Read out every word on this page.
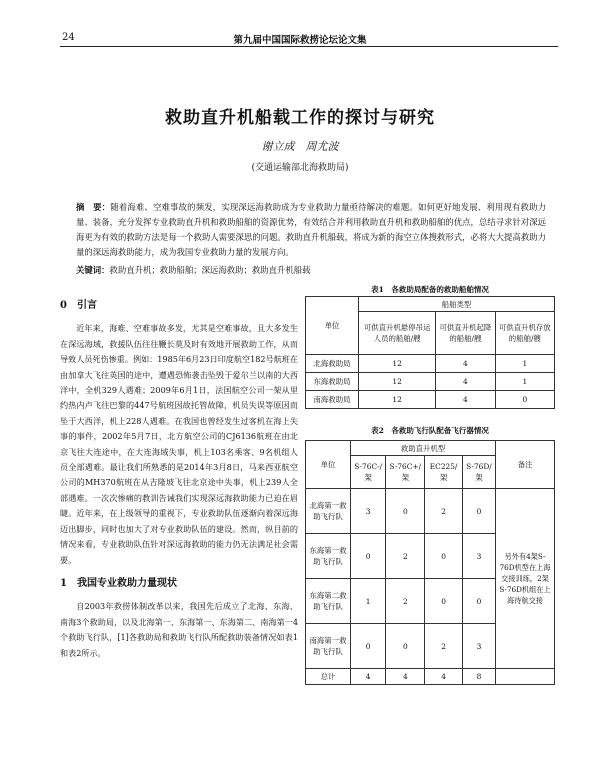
24	第九届中国国际救捞论坛论文集
救助直升机船载工作的探讨与研究
谢立成　周尤波
(交通运输部北海救助局)
摘　要：随着海难、空难事故的频发，实现深远海救助成为专业救助力量亟待解决的难题。如何更好地发展、利用现有救助力量、装备，充分发挥专业救助直升机和救助船舶的资源优势，有效结合并利用救助直升机和救助船舶的优点，总结寻求针对深远海更为有效的救助方法是每一个救助人需要深思的问题。救助直升机船载，将成为新的海空立体搜救形式，必将大大提高救助力量的深远海救助能力，成为我国专业救助力量的发展方向。
关键词：救助直升机；救助船舶；深远海救助；救助直升机船载
0　引言

近年来，海难、空难事故多发，尤其是空难事故，且大多发生在深远海域，救援队伍往往鞭长莫及时有效地开展救助工作，从而导致人员死伤惨重。例如：1985年6月23日印度航空182号航班在由加拿大飞往英国的途中，遭遇恐怖袭击坠毁于爱尔兰以南的大西洋中，全机329人遇难；2009年6月1日，法国航空公司一架从里约热内卢飞往巴黎的447号航班因故托管故障，机员失误等原因而坠于大西洋，机上228人遇难。在我国也曾经发生过客机在海上失事的事件，2002年5月7日，北方航空公司的CJ6136航班在由北京飞往大连途中，在大连海域失事，机上103名乘客、9名机组人员全部遇难。最让我们所熟悉的是2014年3月8日，马来西亚航空公司的MH370航班在从吉隆坡飞往北京途中失事，机上239人全部遇难。一次次惨痛的教训告诫我们实现深远海救助能力已迫在眉睫。近年来，在上级领导的重视下，专业救助队伍逐渐向着深远海迈出脚步，同时也加大了对专业救助队伍的建设。然而，纵目前的情况来看，专业救助队伍针对深远海救助的能力仍无法满足社会需要。

1　我国专业救助力量现状

自2003年救捞体制改革以来，我国先后成立了北海、东海、南海3个救助局，以及北海第一、东海第一、东海第二、南海第一4个救助飞行队，[1]各救助局和救助飞行队所配救助装备情况如表1和表2所示。

表1　各救助局配备的救助船舶情况
单位	船舶类型		
	可供直升机悬停吊运人员的船舶/艘	可供直升机起降的船舶/艘	可供直升机存放的船舶/艘
北海救助局	12	4	1
东海救助局	12	4	1
南海救助局	12	4	0
表2　各救助飞行队配备飞行器情况
单位	救助直升机型				备注
	S-76C-/架	S-76C+/架	EC225/架	S-76D/架	
北海第一救助飞行队	3	0	2	0	另外有4架S-76D机型在上海交接训练，2架S-76D机组在上海待航交接
东海第一救助飞行队	0	2	0	3	
东海第二救助飞行队	1	2	0	0	
南海第一救助飞行队	0	0	2	3	
总计	4	4	4	8	
